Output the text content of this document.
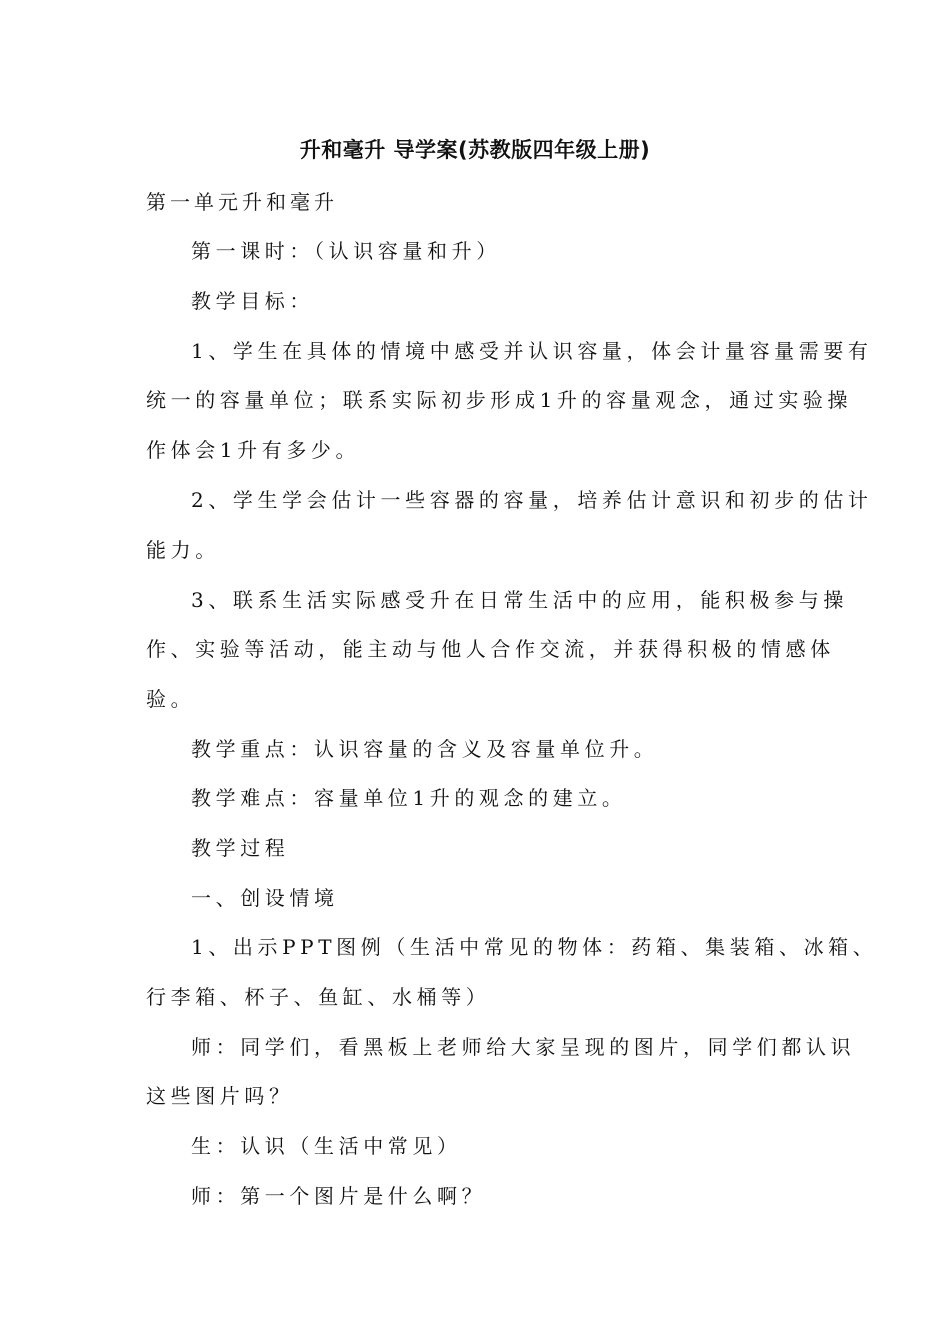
升和毫升 导学案(苏教版四年级上册)
第一单元升和毫升
第一课时：（认识容量和升）
教学目标：
1、学生在具体的情境中感受并认识容量，体会计量容量需要有
统一的容量单位；联系实际初步形成1升的容量观念，通过实验操
作体会1升有多少。
2、学生学会估计一些容器的容量，培养估计意识和初步的估计
能力。
3、联系生活实际感受升在日常生活中的应用，能积极参与操
作、实验等活动，能主动与他人合作交流，并获得积极的情感体
验。
教学重点：认识容量的含义及容量单位升。
教学难点：容量单位1升的观念的建立。
教学过程
一、创设情境
1、出示PPT图例（生活中常见的物体：药箱、集装箱、冰箱、
行李箱、杯子、鱼缸、水桶等）
师：同学们，看黑板上老师给大家呈现的图片，同学们都认识
这些图片吗？
生：认识（生活中常见）
师：第一个图片是什么啊？
